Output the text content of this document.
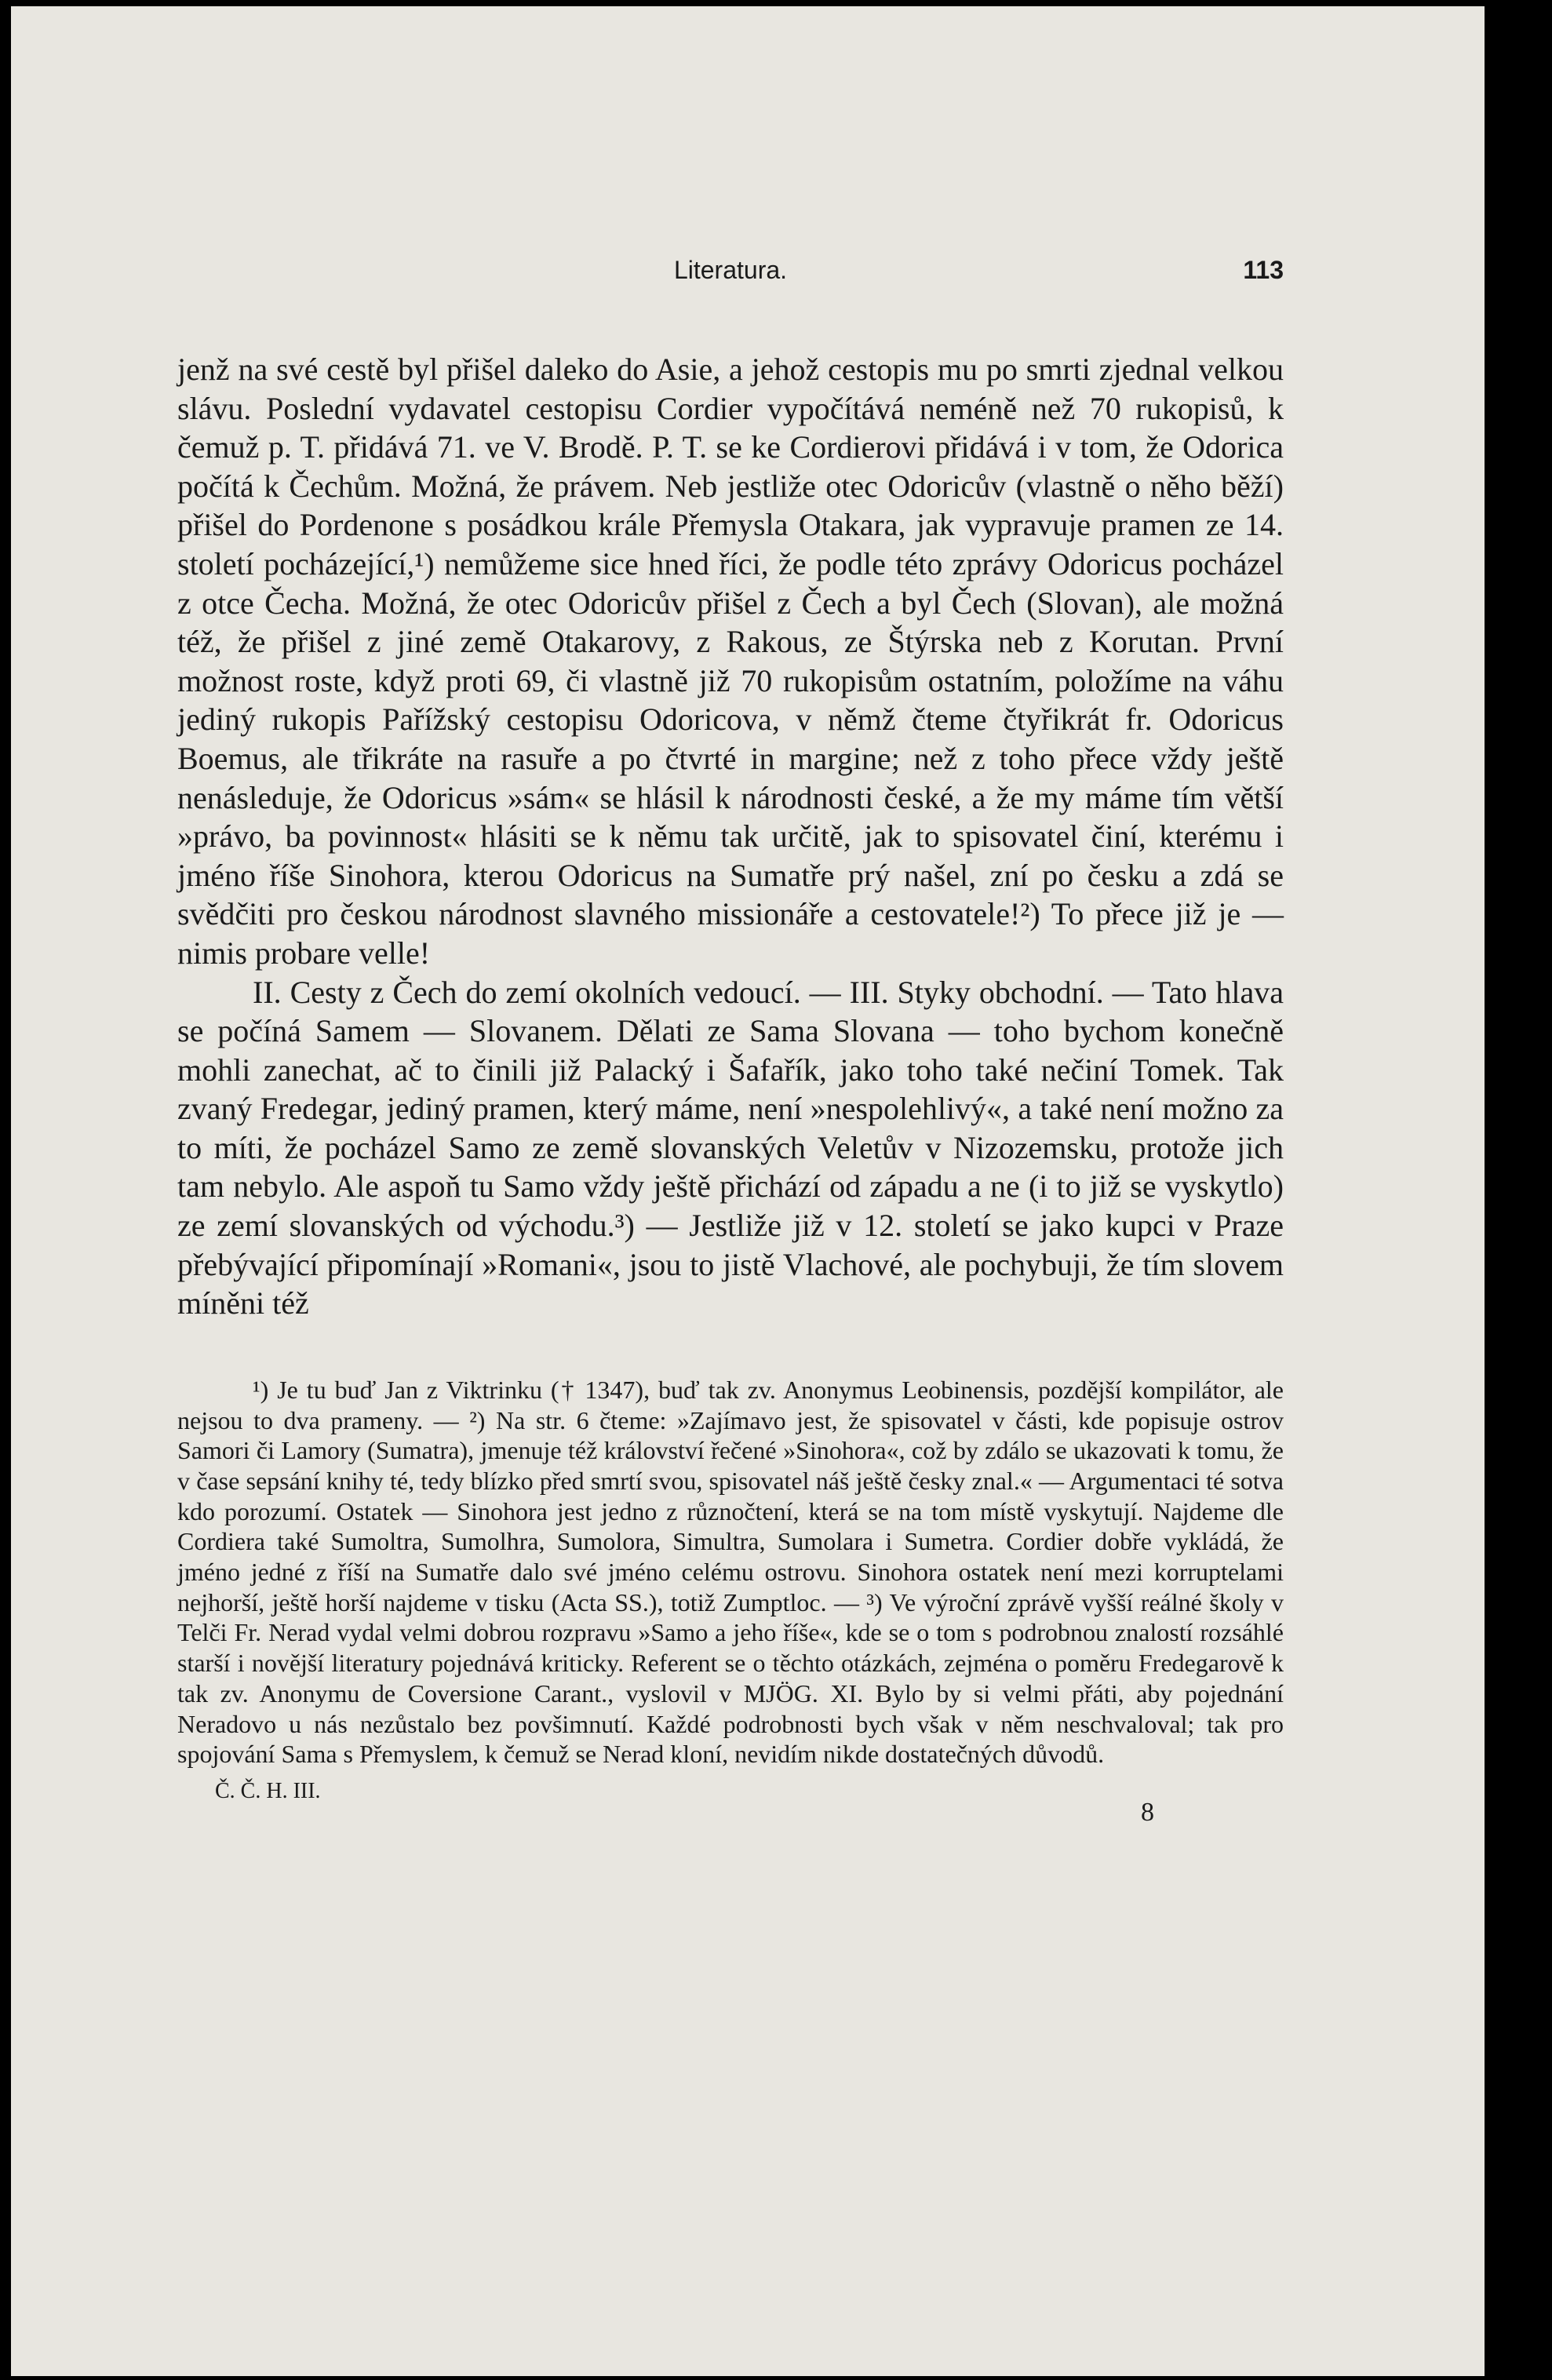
Literatura.	113

jenž na své cestě byl přišel daleko do Asie, a jehož cestopis mu po smrti zjednal velkou slávu. Poslední vydavatel cestopisu Cordier vypočítává neméně než 70 rukopisů, k čemuž p. T. přidává 71. ve V. Brodě. P. T. se ke Cordierovi přidává i v tom, že Odorica počítá k Čechům. Možná, že právem. Neb jestliže otec Odoricův (vlastně o něho běží) přišel do Pordenone s posádkou krále Přemysla Otakara, jak vypravuje pramen ze 14. století pocházející,¹) nemůžeme sice hned říci, že podle této zprávy Odoricus pocházel z otce Čecha. Možná, že otec Odoricův přišel z Čech a byl Čech (Slovan), ale možná též, že přišel z jiné země Otakarovy, z Rakous, ze Štýrska neb z Korutan. První možnost roste, když proti 69, či vlastně již 70 rukopisům ostatním, položíme na váhu jediný rukopis Pařížský cestopisu Odoricova, v němž čteme čtyřikrát fr. Odoricus Boemus, ale třikráte na rasuře a po čtvrté in margine; než z toho přece vždy ještě nenásleduje, že Odoricus »sám« se hlásil k národnosti české, a že my máme tím větší »právo, ba povinnost« hlásiti se k němu tak určitě, jak to spisovatel činí, kterému i jméno říše Sinohora, kterou Odoricus na Sumatře prý našel, zní po česku a zdá se svědčiti pro českou národnost slavného missionáře a cestovatele!²) To přece již je — nimis probare velle!

II. Cesty z Čech do zemí okolních vedoucí. — III. Styky obchodní. — Tato hlava se počíná Samem — Slovanem. Dělati ze Sama Slovana — toho bychom konečně mohli zanechat, ač to činili již Palacký i Šafařík, jako toho také nečiní Tomek. Tak zvaný Fredegar, jediný pramen, který máme, není »nespolehlivý«, a také není možno za to míti, že pocházel Samo ze země slovanských Veletův v Nizozemsku, protože jich tam nebylo. Ale aspoň tu Samo vždy ještě přichází od západu a ne (i to již se vyskytlo) ze zemí slovanských od východu.³) — Jestliže již v 12. století se jako kupci v Praze přebývající připomínají »Romani«, jsou to jistě Vlachové, ale pochybuji, že tím slovem míněni též

¹) Je tu buď Jan z Viktrinku († 1347), buď tak zv. Anonymus Leobinensis, pozdější kompilátor, ale nejsou to dva prameny. — ²) Na str. 6 čteme: »Zajímavo jest, že spisovatel v části, kde popisuje ostrov Samori či Lamory (Sumatra), jmenuje též království řečené »Sinohora«, což by zdálo se ukazovati k tomu, že v čase sepsání knihy té, tedy blízko před smrtí svou, spisovatel náš ještě česky znal.« — Argumentaci té sotva kdo porozumí. Ostatek — Sinohora jest jedno z různočtení, která se na tom místě vyskytují. Najdeme dle Cordiera také Sumoltra, Sumolhra, Sumolora, Simultra, Sumolara i Sumetra. Cordier dobře vykládá, že jméno jedné z říší na Sumatře dalo své jméno celému ostrovu. Sinohora ostatek není mezi korruptelami nejhorší, ještě horší najdeme v tisku (Acta SS.), totiž Zumptloc. — ³) Ve výroční zprávě vyšší reálné školy v Telči Fr. Nerad vydal velmi dobrou rozpravu »Samo a jeho říše«, kde se o tom s podrobnou znalostí rozsáhlé starší i novější literatury pojednává kriticky. Referent se o těchto otázkách, zejména o poměru Fredegarově k tak zv. Anonymu de Coversione Carant., vyslovil v MJÖG. XI. Bylo by si velmi přáti, aby pojednání Neradovo u nás nezůstalo bez povšimnutí. Každé podrobnosti bych však v něm neschvaloval; tak pro spojování Sama s Přemyslem, k čemuž se Nerad kloní, nevidím nikde dostatečných důvodů.
Č. Č. H. III.
8
